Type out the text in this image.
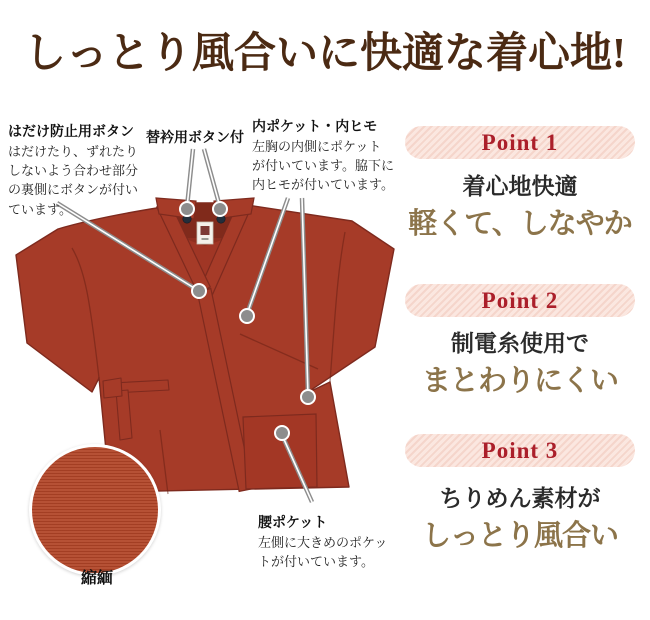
しっとり風合いに快適な着心地!
はだけ防止用ボタン
はだけたり、ずれたりしないよう合わせ部分の裏側にボタンが付いています。
替衿用ボタン付
内ポケット・内ヒモ
左胸の内側にポケットが付いています。脇下に内ヒモが付いています。
腰ポケット
左側に大きめのポケットが付いています。
縮緬
Point 1
着心地快適
軽くて、しなやか
Point 2
制電糸使用で
まとわりにくい
Point 3
ちりめん素材が
しっとり風合い
